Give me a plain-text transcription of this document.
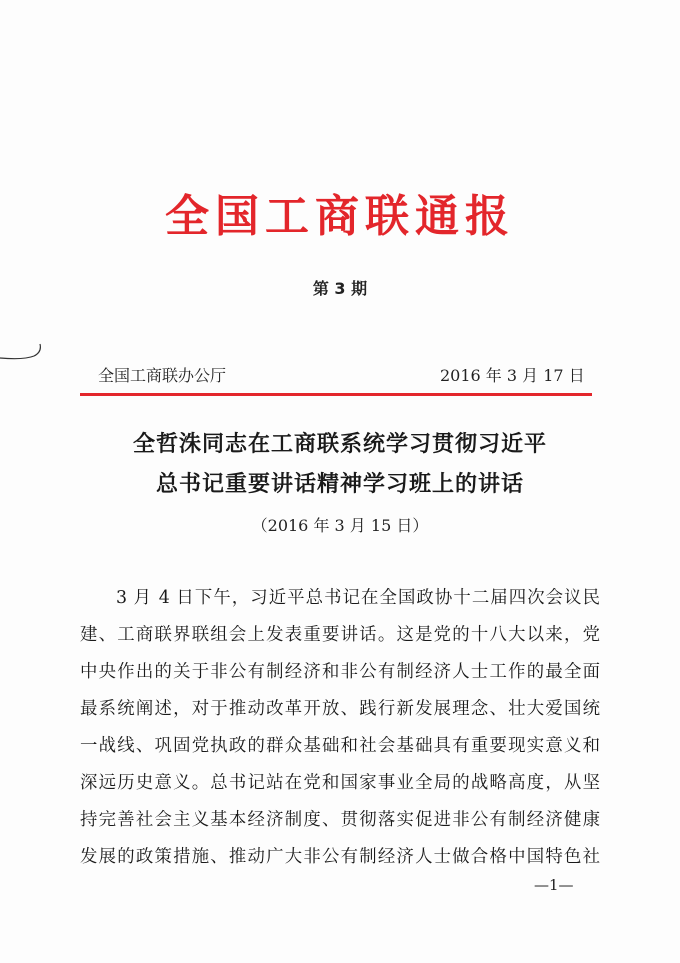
全国工商联通报
第 3 期
全国工商联办公厅	2016 年 3 月 17 日
全哲洙同志在工商联系统学习贯彻习近平
总书记重要讲话精神学习班上的讲话
（2016 年 3 月 15 日）
3 月 4 日下午，习近平总书记在全国政协十二届四次会议民
建、工商联界联组会上发表重要讲话。这是党的十八大以来，党
中央作出的关于非公有制经济和非公有制经济人士工作的最全面
最系统阐述，对于推动改革开放、践行新发展理念、壮大爱国统
一战线、巩固党执政的群众基础和社会基础具有重要现实意义和
深远历史意义。总书记站在党和国家事业全局的战略高度，从坚
持完善社会主义基本经济制度、贯彻落实促进非公有制经济健康
发展的政策措施、推动广大非公有制经济人士做合格中国特色社
—1—
